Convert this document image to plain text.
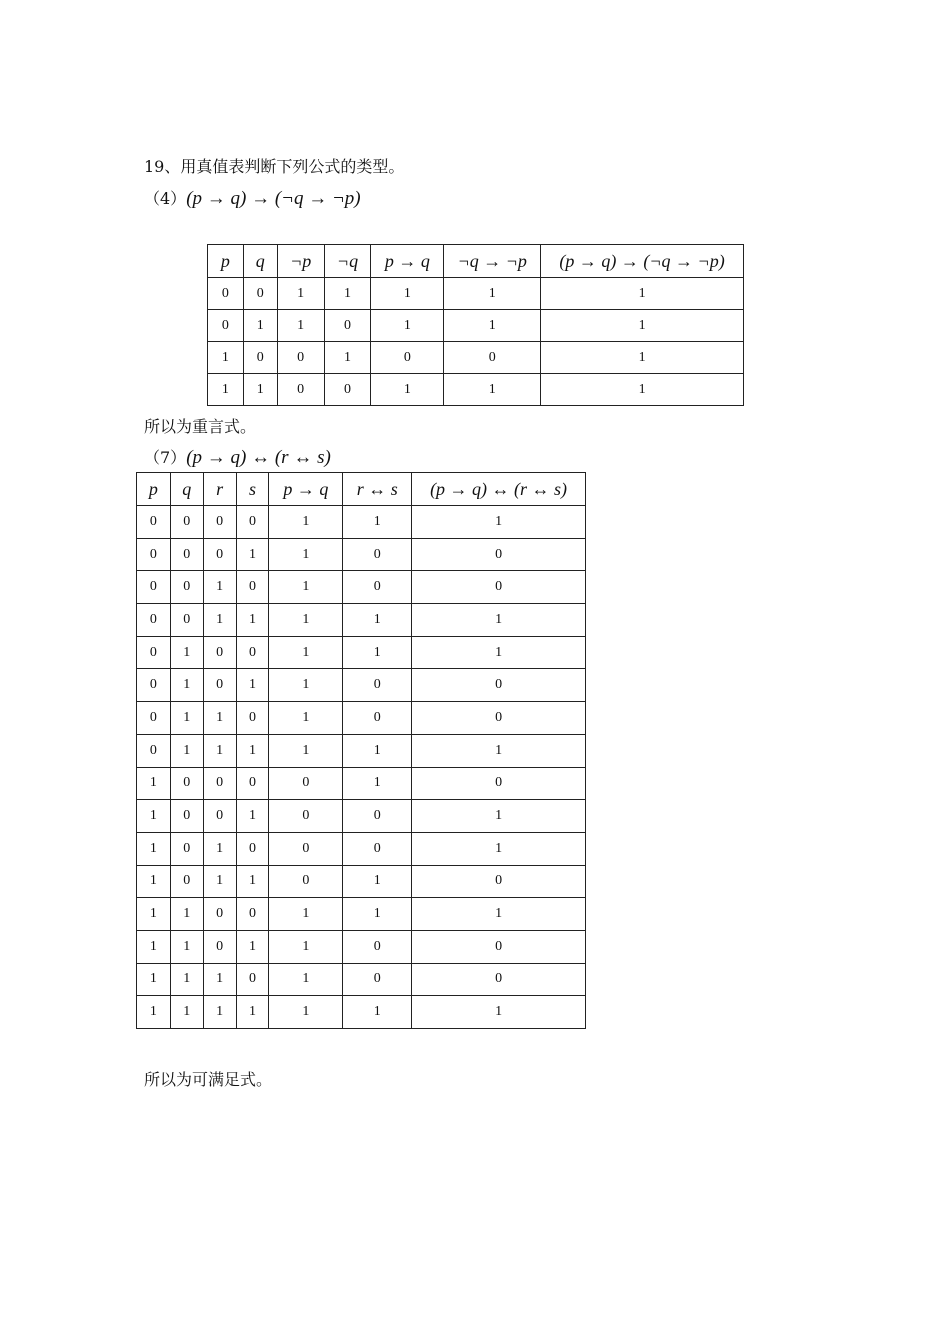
19、用真值表判断下列公式的类型。
（4）(p → q) → (¬q → ¬p)
p	q	¬p	¬q	p → q	¬q → ¬p	(p → q) → (¬q → ¬p)
0	0	1	1	1	1	1
0	1	1	0	1	1	1
1	0	0	1	0	0	1
1	1	0	0	1	1	1
所以为重言式。
（7）(p → q) ↔ (r ↔ s)
p	q	r	s	p → q	r ↔ s	(p → q) ↔ (r ↔ s)
0	0	0	0	1	1	1
0	0	0	1	1	0	0
0	0	1	0	1	0	0
0	0	1	1	1	1	1
0	1	0	0	1	1	1
0	1	0	1	1	0	0
0	1	1	0	1	0	0
0	1	1	1	1	1	1
1	0	0	0	0	1	0
1	0	0	1	0	0	1
1	0	1	0	0	0	1
1	0	1	1	0	1	0
1	1	0	0	1	1	1
1	1	0	1	1	0	0
1	1	1	0	1	0	0
1	1	1	1	1	1	1
所以为可满足式。
